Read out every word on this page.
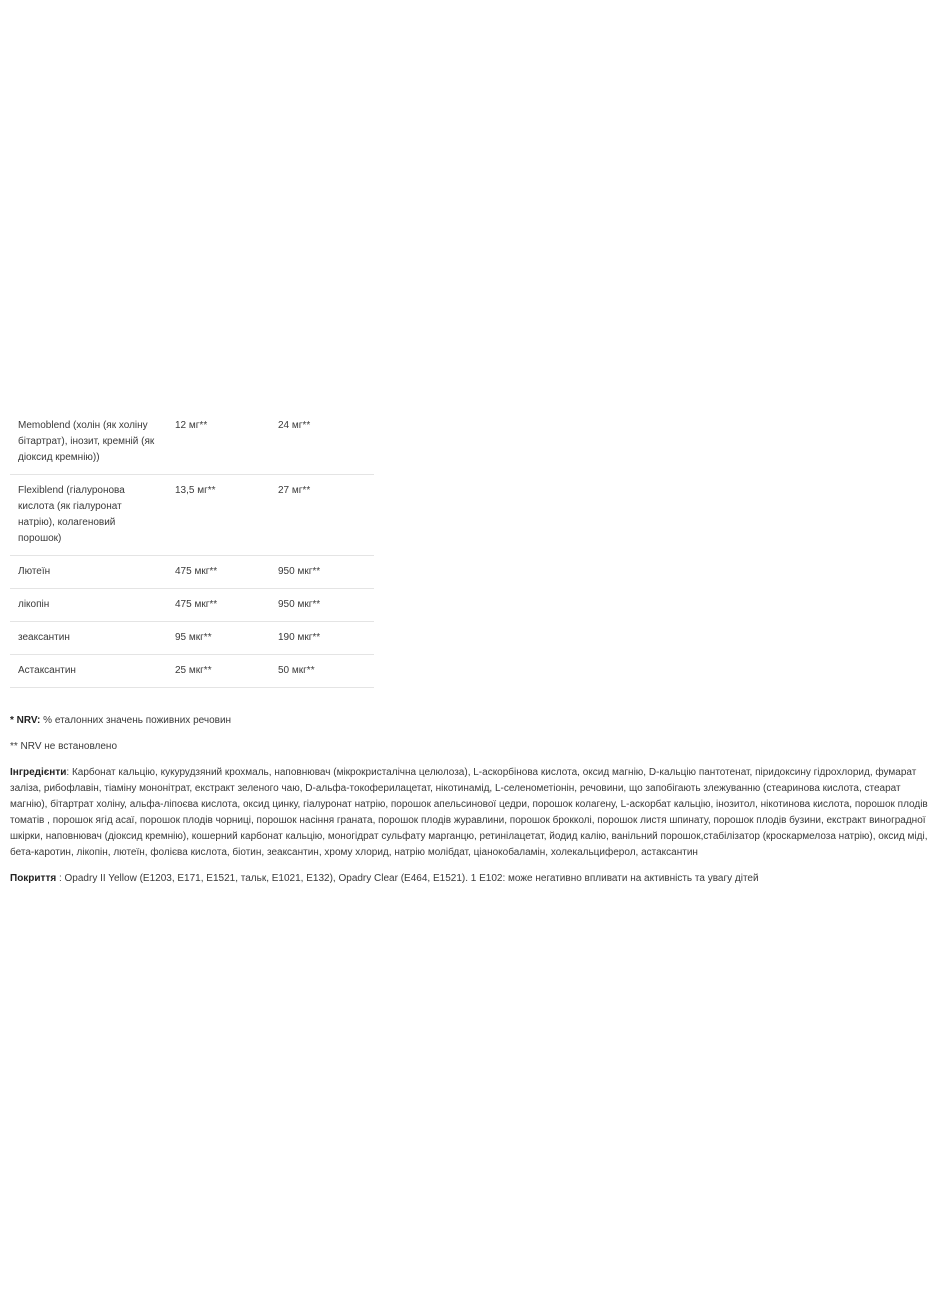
Memoblend (холін (як холіну бітартрат), інозит, кремній (як діоксид кремнію))	12 мг**	24 мг**
Flexiblend (гіалуронова кислота (як гіалуронат натрію), колагеновий порошок)	13,5 мг**	27 мг**
Лютеїн	475 мкг**	950 мкг**
лікопін	475 мкг**	950 мкг**
зеаксантин	95 мкг**	190 мкг**
Астаксантин	25 мкг**	50 мкг**

* NRV: % еталонних значень поживних речовин

** NRV не встановлено

Інгредієнти: Карбонат кальцію, кукурудзяний крохмаль, наповнювач (мікрокристалічна целюлоза), L-аскорбінова кислота, оксид магнію, D-кальцію пантотенат, піридоксину гідрохлорид, фумарат заліза, рибофлавін, тіаміну мононітрат, екстракт зеленого чаю, D-альфа-токоферилацетат, нікотинамід, L-селенометіонін, речовини, що запобігають злежуванню (стеаринова кислота, стеарат магнію), бітартрат холіну, альфа-ліпоєва кислота, оксид цинку, гіалуронат натрію, порошок апельсинової цедри, порошок колагену, L-аскорбат кальцію, інозитол, нікотинова кислота, порошок плодів томатів , порошок ягід асаї, порошок плодів чорниці, порошок насіння граната, порошок плодів журавлини, порошок брокколі, порошок листя шпинату, порошок плодів бузини, екстракт виноградної шкірки, наповнювач (діоксид кремнію), кошерний карбонат кальцію, моногідрат сульфату марганцю, ретинілацетат, йодид калію, ванільний порошок,стабілізатор (кроскармелоза натрію), оксид міді, бета-каротин, лікопін, лютеїн, фолієва кислота, біотин, зеаксантин, хрому хлорид, натрію молібдат, ціанокобаламін, холекальциферол, астаксантин

Покриття : Opadry II Yellow (E1203, E171, E1521, тальк, E1021, E132), Opadry Clear (E464, E1521). 1 E102: може негативно впливати на активність та увагу дітей
